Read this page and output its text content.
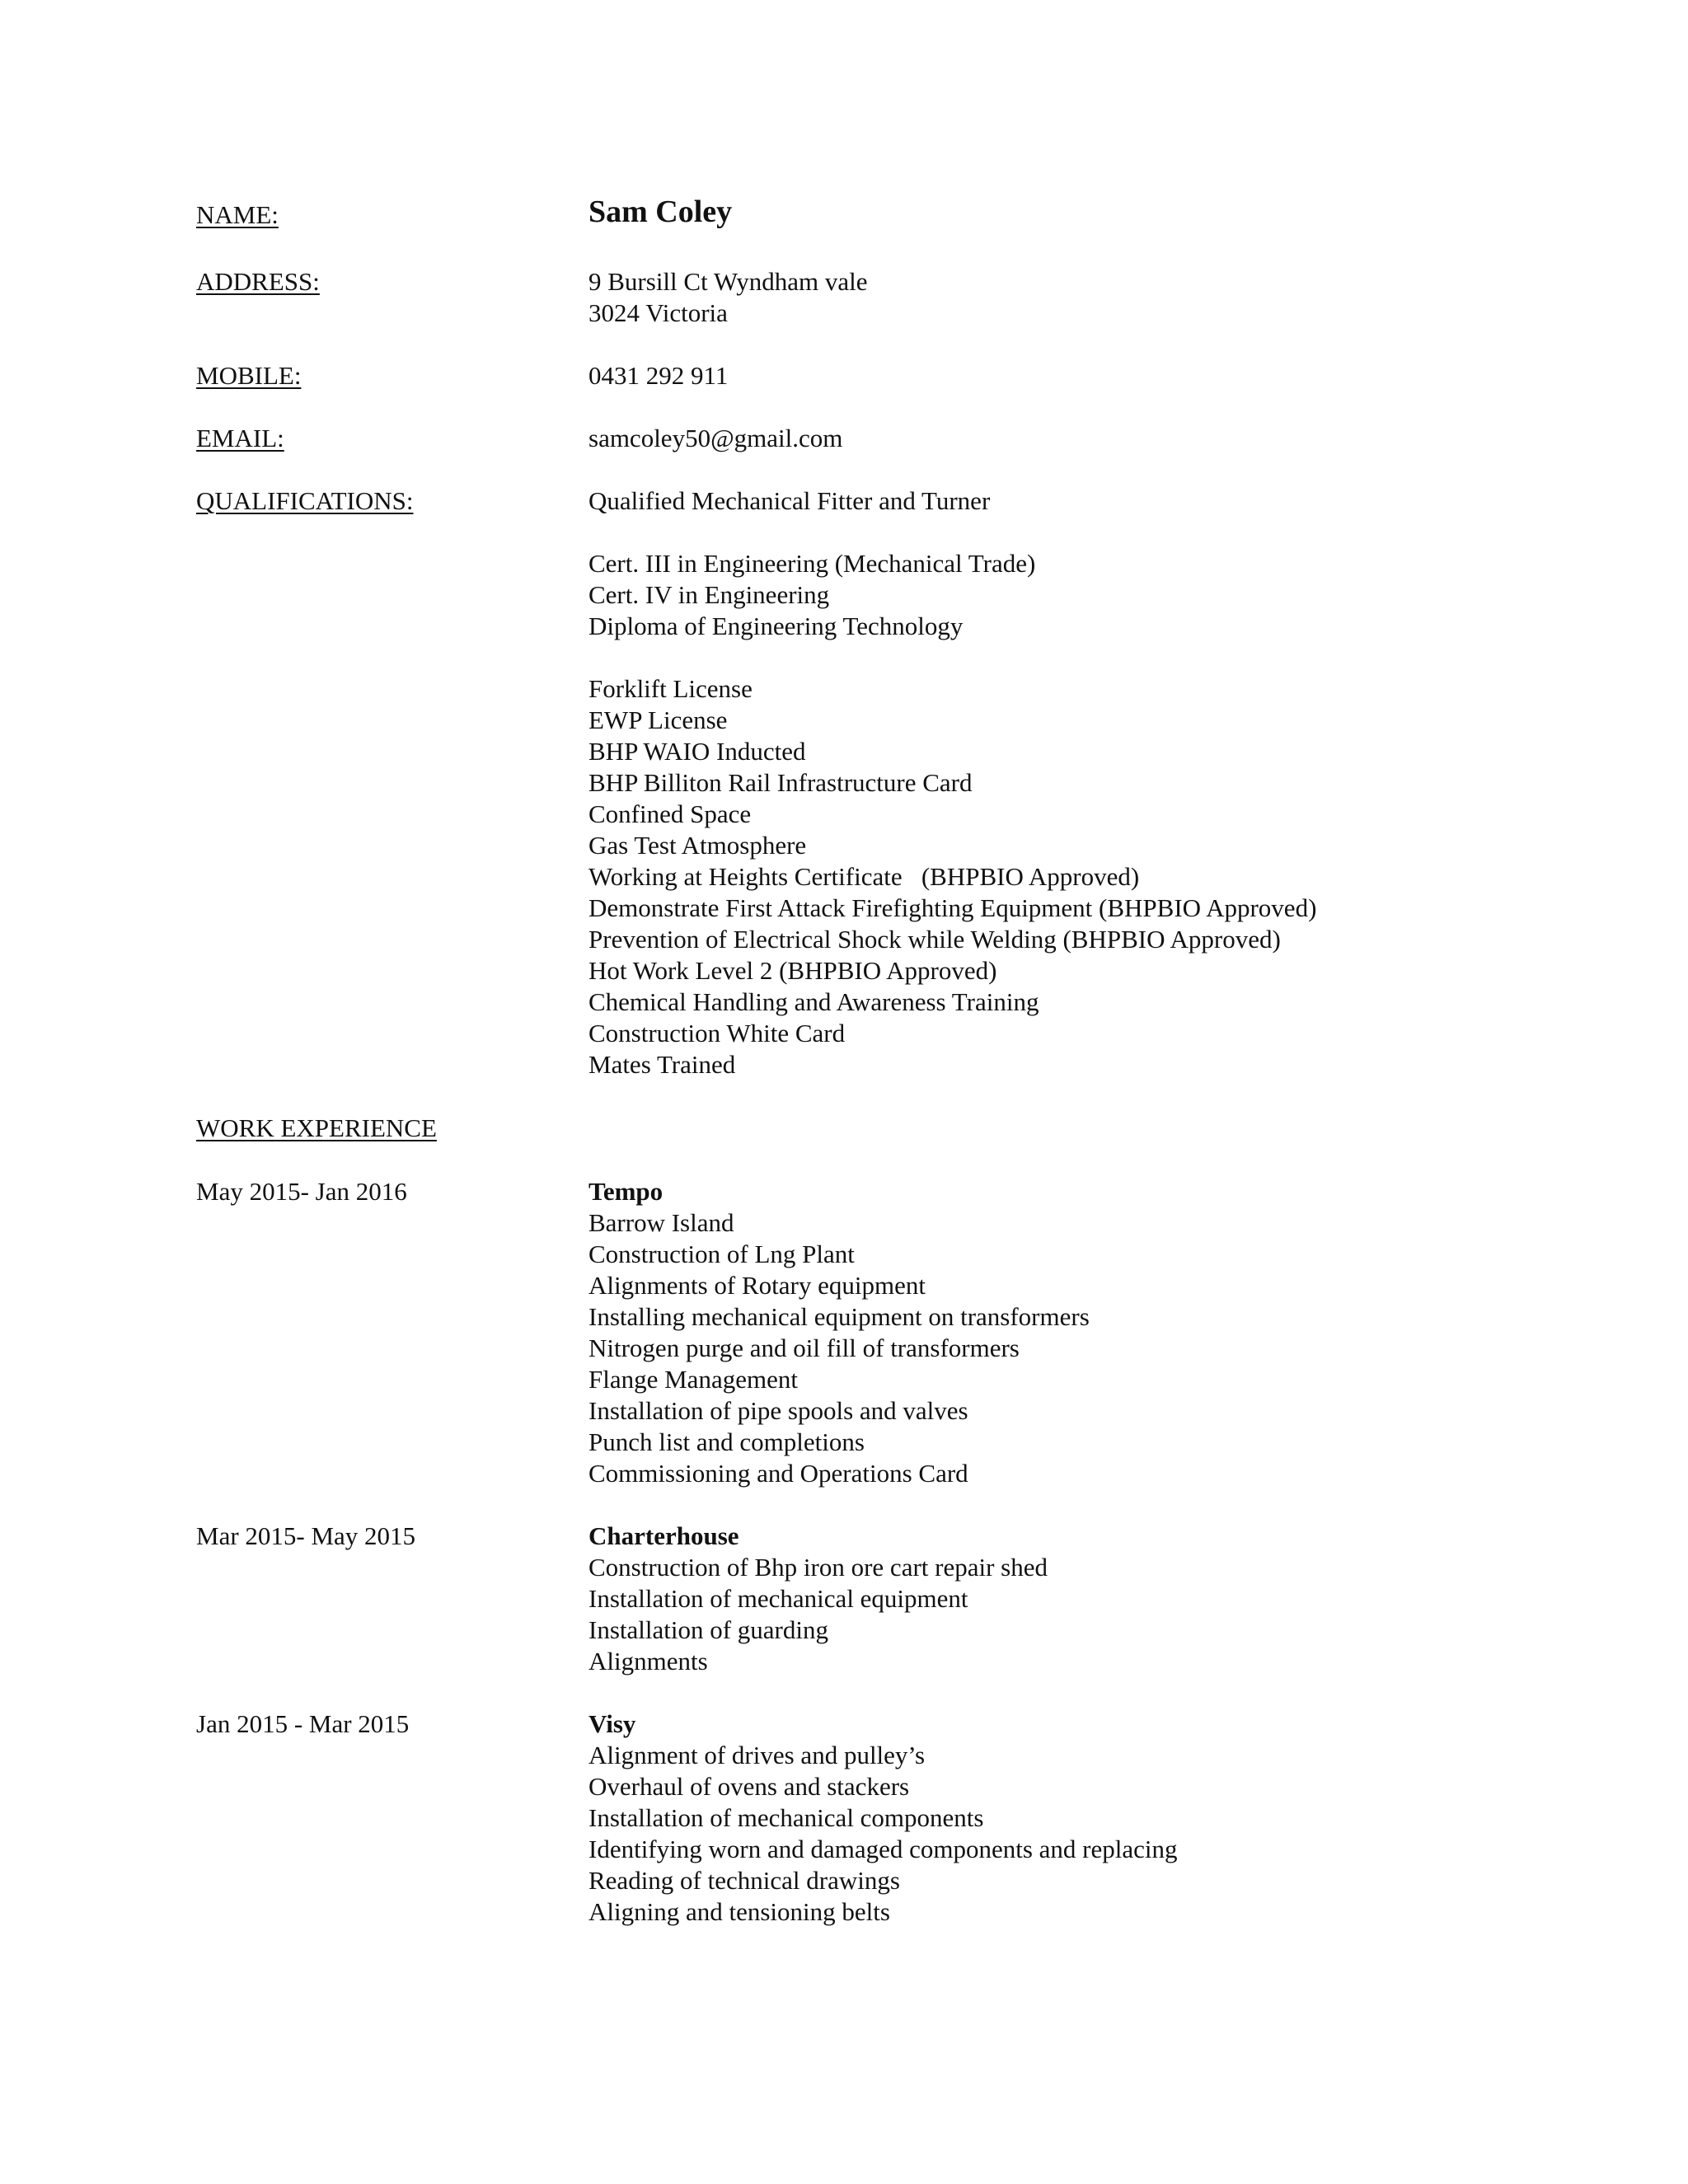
NAME:	Sam Coley
ADDRESS:	9 Bursill Ct Wyndham vale
3024 Victoria
MOBILE:	0431 292 911
EMAIL:	samcoley50@gmail.com
QUALIFICATIONS:	Qualified Mechanical Fitter and Turner
Cert. III in Engineering (Mechanical Trade)
Cert. IV in Engineering
Diploma of Engineering Technology
Forklift License
EWP License
BHP WAIO Inducted
BHP Billiton Rail Infrastructure Card
Confined Space
Gas Test Atmosphere
Working at Heights Certificate   (BHPBIO Approved)
Demonstrate First Attack Firefighting Equipment (BHPBIO Approved)
Prevention of Electrical Shock while Welding (BHPBIO Approved)
Hot Work Level 2 (BHPBIO Approved)
Chemical Handling and Awareness Training
Construction White Card
Mates Trained
WORK EXPERIENCE
May 2015- Jan 2016	Tempo
Barrow Island
Construction of Lng Plant
Alignments of Rotary equipment
Installing mechanical equipment on transformers
Nitrogen purge and oil fill of transformers
Flange Management
Installation of pipe spools and valves
Punch list and completions
Commissioning and Operations Card
Mar 2015- May 2015	Charterhouse
Construction of Bhp iron ore cart repair shed
Installation of mechanical equipment
Installation of guarding
Alignments
Jan 2015 - Mar 2015	Visy
Alignment of drives and pulley’s
Overhaul of ovens and stackers
Installation of mechanical components
Identifying worn and damaged components and replacing
Reading of technical drawings
Aligning and tensioning belts
